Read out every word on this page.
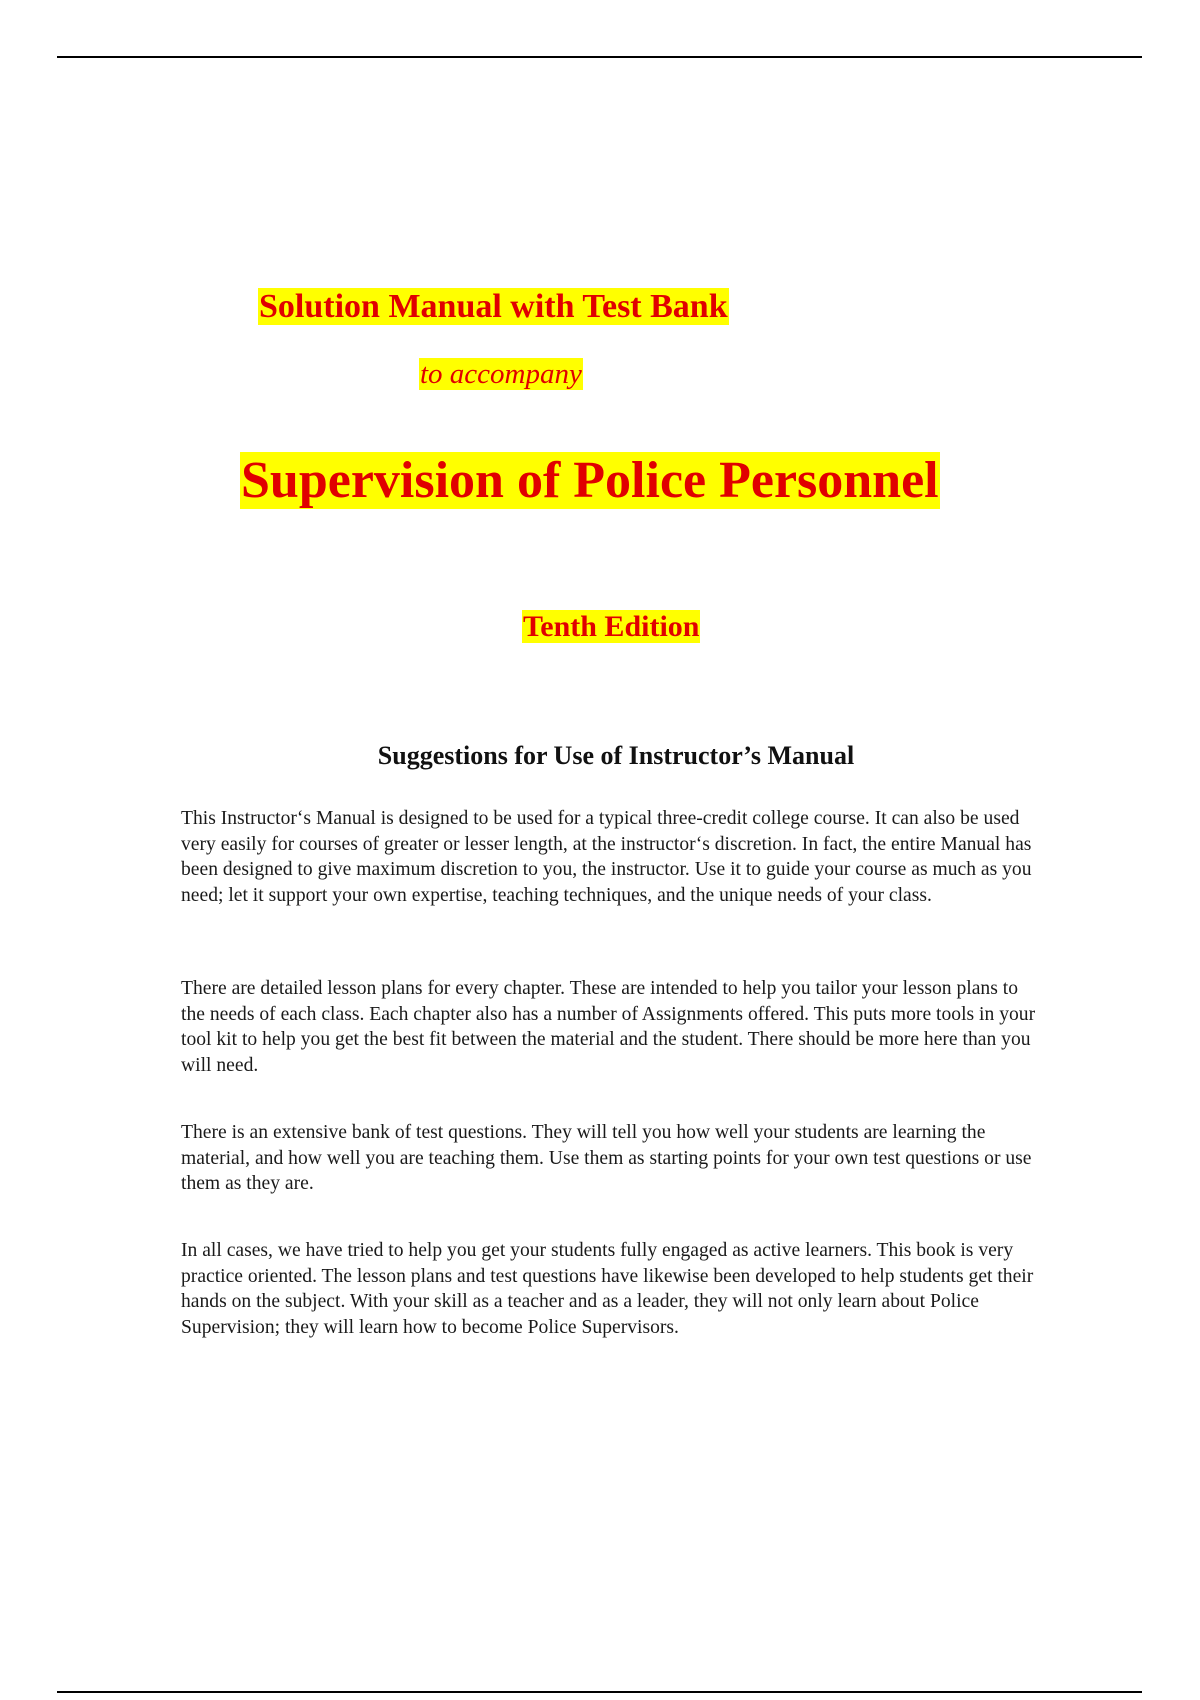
Solution Manual with Test Bank

to accompany

Supervision of Police Personnel

Tenth Edition

Suggestions for Use of Instructor’s Manual

This Instructor‘s Manual is designed to be used for a typical three-credit college course. It can also be used very easily for courses of greater or lesser length, at the instructor‘s discretion. In fact, the entire Manual has been designed to give maximum discretion to you, the instructor. Use it to guide your course as much as you need; let it support your own expertise, teaching techniques, and the unique needs of your class.

There are detailed lesson plans for every chapter. These are intended to help you tailor your lesson plans to the needs of each class. Each chapter also has a number of Assignments offered. This puts more tools in your tool kit to help you get the best fit between the material and the student. There should be more here than you will need.

There is an extensive bank of test questions. They will tell you how well your students are learning the material, and how well you are teaching them. Use them as starting points for your own test questions or use them as they are.

In all cases, we have tried to help you get your students fully engaged as active learners. This book is very practice oriented. The lesson plans and test questions have likewise been developed to help students get their hands on the subject. With your skill as a teacher and as a leader, they will not only learn about Police Supervision; they will learn how to become Police Supervisors.
